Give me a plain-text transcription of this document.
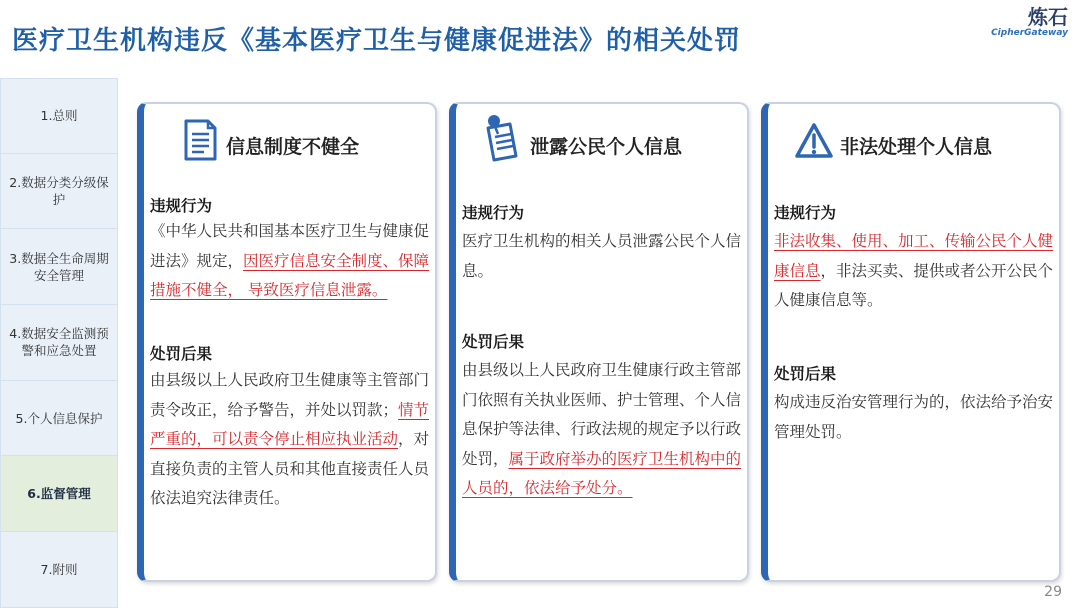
医疗卫生机构违反《基本医疗卫生与健康促进法》的相关处罚
炼石
CipherGateway
1.总则
2.数据分类分级保护
3.数据全生命周期安全管理
4.数据安全监测预警和应急处置
5.个人信息保护
6.监督管理
7.附则
信息制度不健全
违规行为
《中华人民共和国基本医疗卫生与健康促进法》规定，因医疗信息安全制度、保障措施不健全， 导致医疗信息泄露。
处罚后果
由县级以上人民政府卫生健康等主管部门责令改正，给予警告，并处以罚款；情节严重的，可以责令停止相应执业活动，对直接负责的主管人员和其他直接责任人员依法追究法律责任。
泄露公民个人信息
违规行为
医疗卫生机构的相关人员泄露公民个人信息。
处罚后果
由县级以上人民政府卫生健康行政主管部门依照有关执业医师、护士管理、个人信息保护等法律、行政法规的规定予以行政处罚，属于政府举办的医疗卫生机构中的人员的，依法给予处分。
非法处理个人信息
违规行为
非法收集、使用、加工、传输公民个人健康信息，非法买卖、提供或者公开公民个人健康信息等。
处罚后果
构成违反治安管理行为的，依法给予治安管理处罚。
29
